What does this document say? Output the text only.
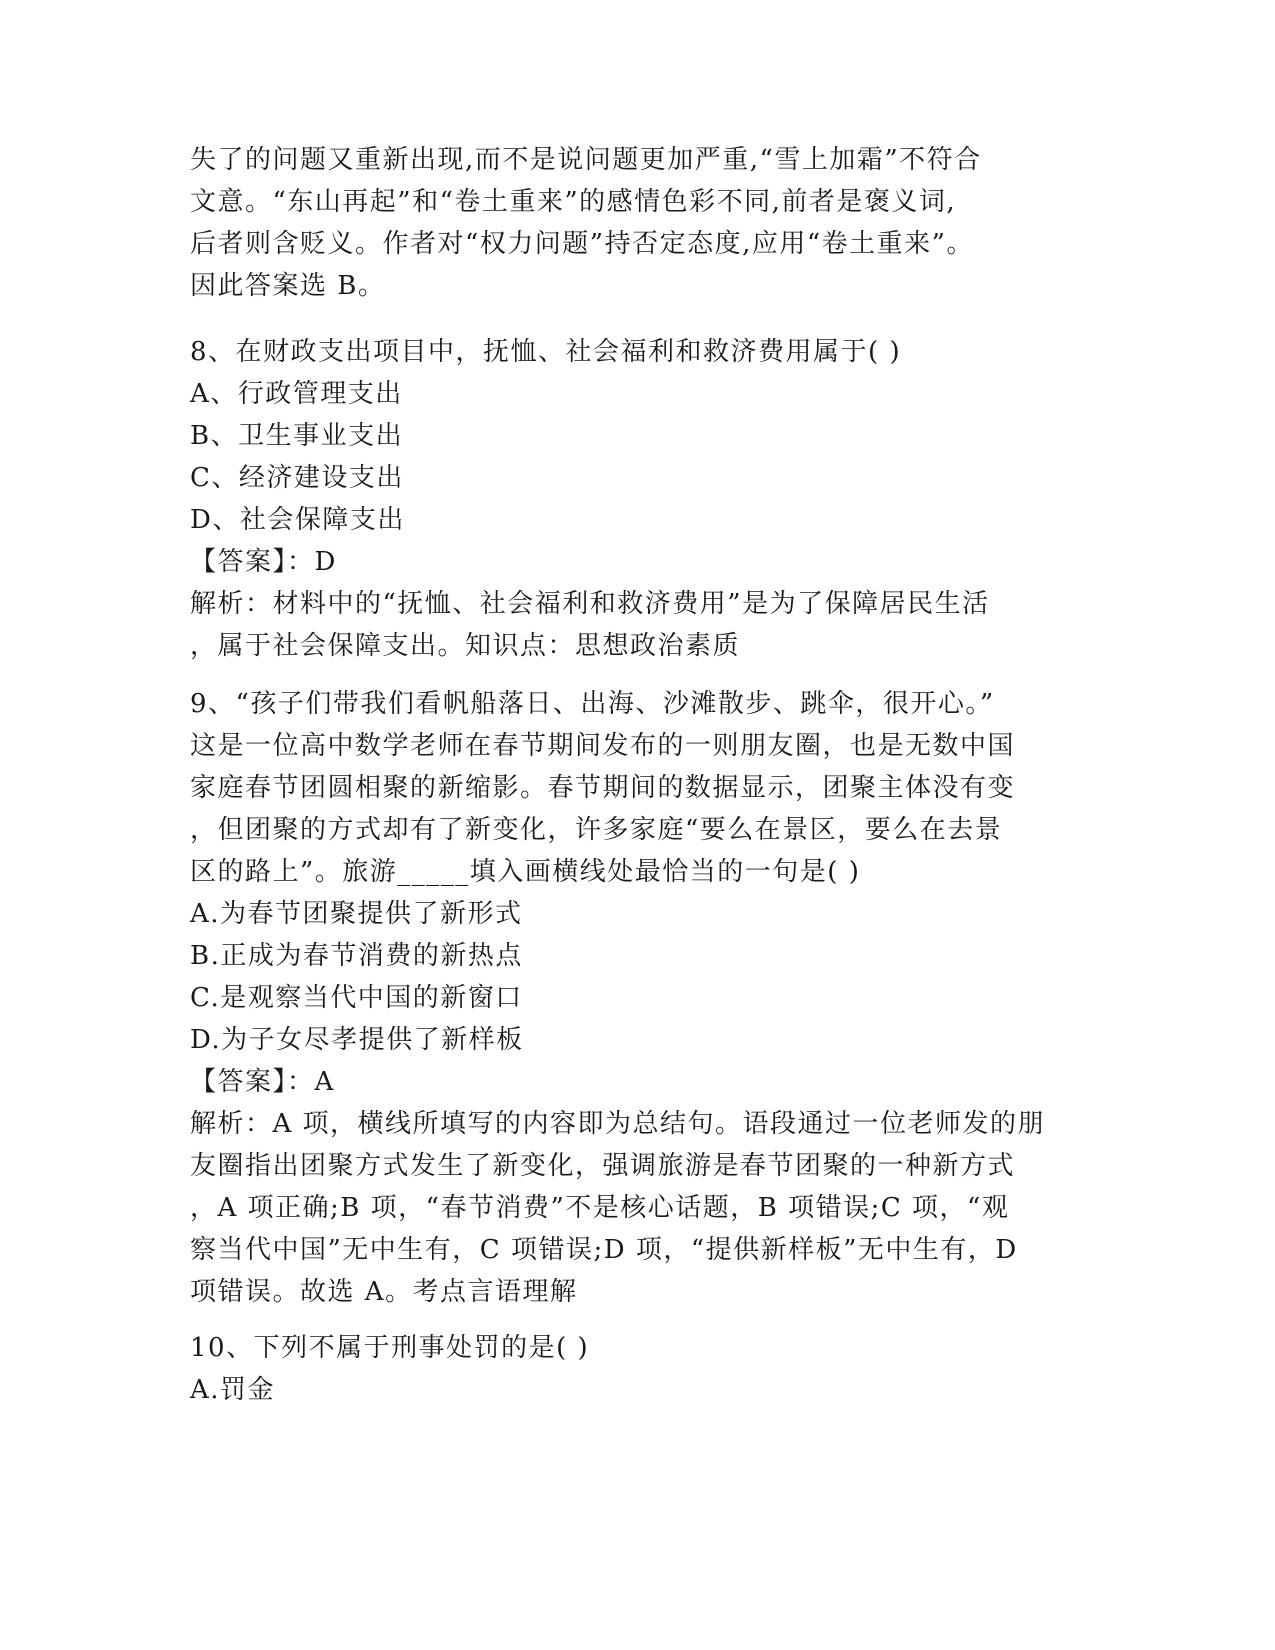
失了的问题又重新出现,而不是说问题更加严重,“雪上加霜”不符合
文意。“东山再起”和“卷土重来”的感情色彩不同,前者是褒义词,
后者则含贬义。作者对“权力问题”持否定态度,应用“卷土重来”。
因此答案选 B。
8、在财政支出项目中，抚恤、社会福利和救济费用属于( )
A、行政管理支出
B、卫生事业支出
C、经济建设支出
D、社会保障支出
【答案】：D
解析：材料中的“抚恤、社会福利和救济费用”是为了保障居民生活
，属于社会保障支出。知识点：思想政治素质
9、“孩子们带我们看帆船落日、出海、沙滩散步、跳伞，很开心。”
这是一位高中数学老师在春节期间发布的一则朋友圈，也是无数中国
家庭春节团圆相聚的新缩影。春节期间的数据显示，团聚主体没有变
，但团聚的方式却有了新变化，许多家庭“要么在景区，要么在去景
区的路上”。旅游_____填入画横线处最恰当的一句是( )
A.为春节团聚提供了新形式
B.正成为春节消费的新热点
C.是观察当代中国的新窗口
D.为子女尽孝提供了新样板
【答案】：A
解析：A 项，横线所填写的内容即为总结句。语段通过一位老师发的朋
友圈指出团聚方式发生了新变化，强调旅游是春节团聚的一种新方式
，A 项正确;B 项，“春节消费”不是核心话题，B 项错误;C 项，“观
察当代中国”无中生有，C 项错误;D 项，“提供新样板”无中生有，D
项错误。故选 A。考点言语理解
10、下列不属于刑事处罚的是( )
A.罚金
